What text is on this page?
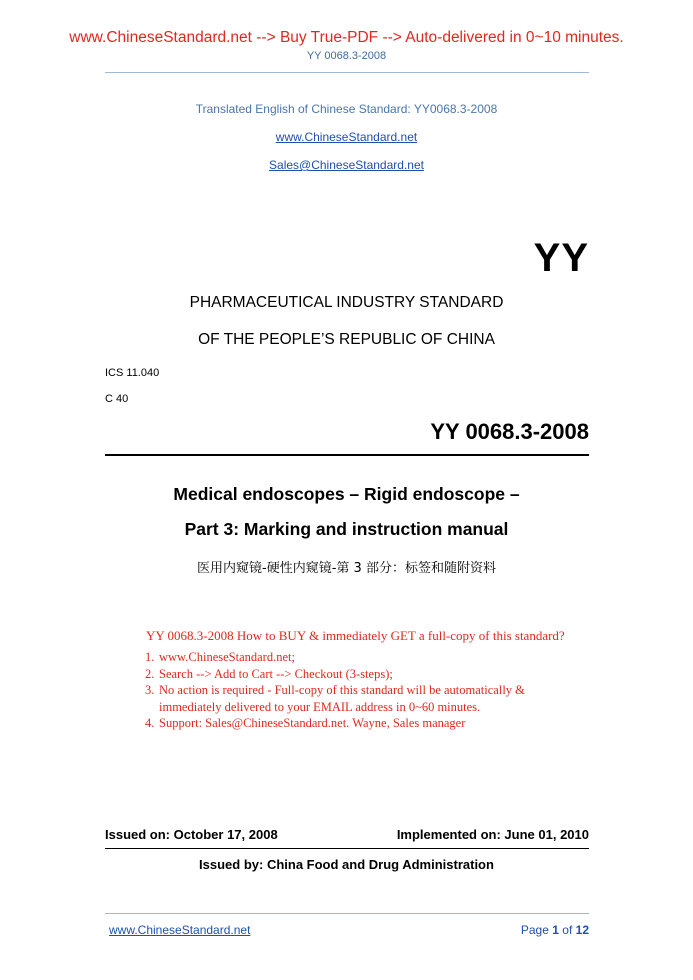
www.ChineseStandard.net --> Buy True-PDF --> Auto-delivered in 0~10 minutes.
YY 0068.3-2008
Translated English of Chinese Standard: YY0068.3-2008
www.ChineseStandard.net
Sales@ChineseStandard.net
YY
PHARMACEUTICAL INDUSTRY STANDARD
OF THE PEOPLE’S REPUBLIC OF CHINA
ICS 11.040
C 40
YY 0068.3-2008
Medical endoscopes – Rigid endoscope –
Part 3: Marking and instruction manual
医用内窥镜-硬性内窥镜-第 3 部分：标签和随附资料

YY 0068.3-2008 How to BUY & immediately GET a full-copy of this standard?

1. www.ChineseStandard.net;
2. Search --> Add to Cart --> Checkout (3-steps);
3. No action is required - Full-copy of this standard will be automatically & immediately delivered to your EMAIL address in 0~60 minutes.
4. Support: Sales@ChineseStandard.net. Wayne, Sales manager
Issued on: October 17, 2008	Implemented on: June 01, 2010
Issued by: China Food and Drug Administration
www.ChineseStandard.net	Page 1 of 12
